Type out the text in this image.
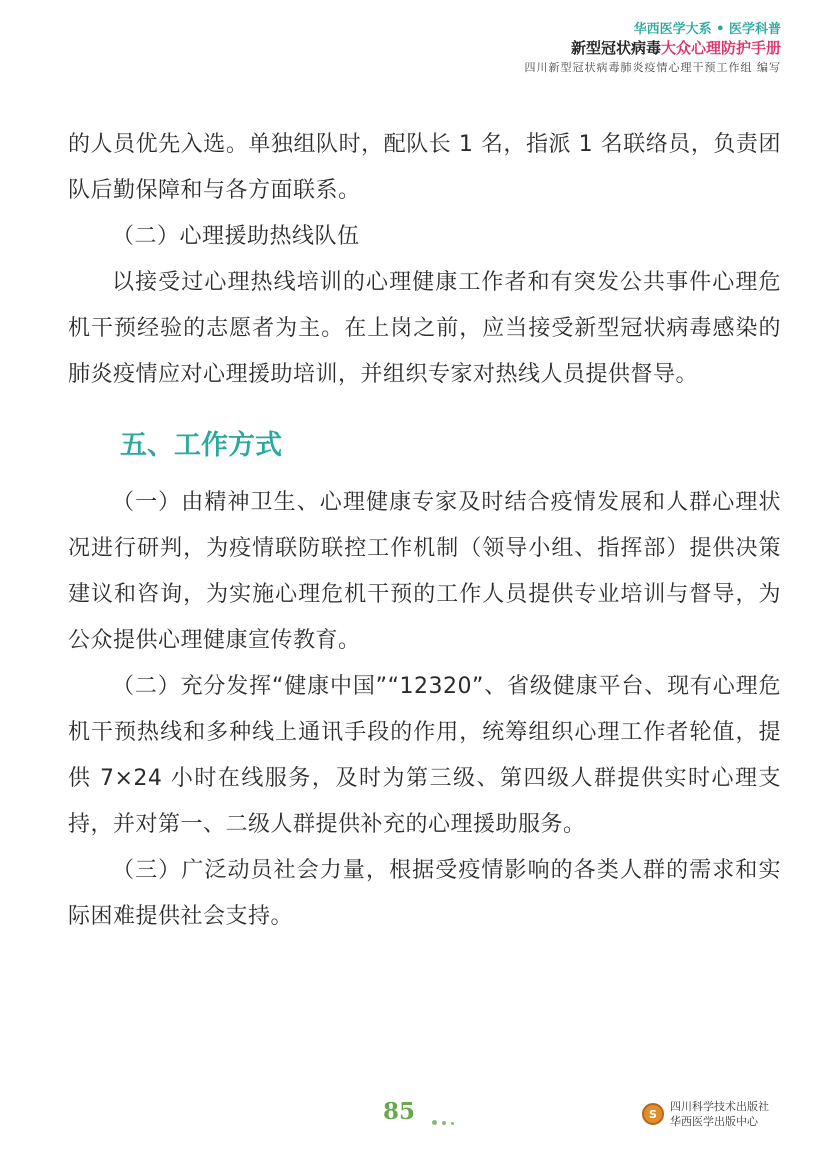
华西医学大系 • 医学科普
新型冠状病毒大众心理防护手册
四川新型冠状病毒肺炎疫情心理干预工作组 编写

的人员优先入选。单独组队时，配队长 1 名，指派 1 名联络员，负责团队后勤保障和与各方面联系。

（二）心理援助热线队伍

以接受过心理热线培训的心理健康工作者和有突发公共事件心理危机干预经验的志愿者为主。在上岗之前，应当接受新型冠状病毒感染的肺炎疫情应对心理援助培训，并组织专家对热线人员提供督导。

五、工作方式

（一）由精神卫生、心理健康专家及时结合疫情发展和人群心理状况进行研判，为疫情联防联控工作机制（领导小组、指挥部）提供决策建议和咨询，为实施心理危机干预的工作人员提供专业培训与督导，为公众提供心理健康宣传教育。

（二）充分发挥“健康中国”“12320”、省级健康平台、现有心理危机干预热线和多种线上通讯手段的作用，统筹组织心理工作者轮值，提供 7×24 小时在线服务，及时为第三级、第四级人群提供实时心理支持，并对第一、二级人群提供补充的心理援助服务。

（三）广泛动员社会力量，根据受疫情影响的各类人群的需求和实际困难提供社会支持。

85	S
四川科学技术出版社
华西医学出版中心
